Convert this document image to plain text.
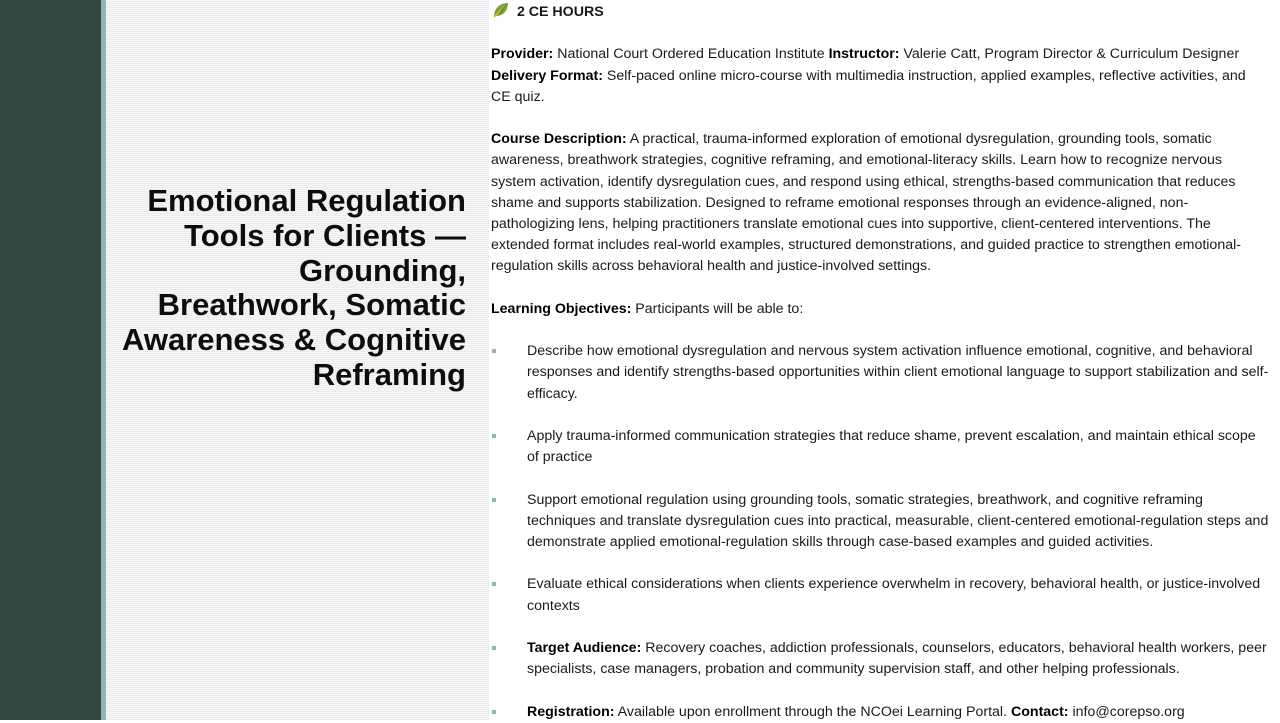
Emotional Regulation Tools for Clients — Grounding, Breathwork, Somatic Awareness & Cognitive Reframing

2 CE HOURS

Provider: National Court Ordered Education Institute Instructor: Valerie Catt, Program Director & Curriculum Designer

Delivery Format: Self-paced online micro-course with multimedia instruction, applied examples, reflective activities, and CE quiz.

Course Description: A practical, trauma-informed exploration of emotional dysregulation, grounding tools, somatic awareness, breathwork strategies, cognitive reframing, and emotional-literacy skills. Learn how to recognize nervous system activation, identify dysregulation cues, and respond using ethical, strengths-based communication that reduces shame and supports stabilization. Designed to reframe emotional responses through an evidence-aligned, non-pathologizing lens, helping practitioners translate emotional cues into supportive, client-centered interventions. The extended format includes real-world examples, structured demonstrations, and guided practice to strengthen emotional-regulation skills across behavioral health and justice-involved settings.

Learning Objectives: Participants will be able to:

Describe how emotional dysregulation and nervous system activation influence emotional, cognitive, and behavioral responses and identify strengths-based opportunities within client emotional language to support stabilization and self-efficacy.
Apply trauma-informed communication strategies that reduce shame, prevent escalation, and maintain ethical scope of practice
Support emotional regulation using grounding tools, somatic strategies, breathwork, and cognitive reframing techniques and translate dysregulation cues into practical, measurable, client-centered emotional-regulation steps and demonstrate applied emotional-regulation skills through case-based examples and guided activities.
Evaluate ethical considerations when clients experience overwhelm in recovery, behavioral health, or justice-involved contexts
Target Audience: Recovery coaches, addiction professionals, counselors, educators, behavioral health workers, peer specialists, case managers, probation and community supervision staff, and other helping professionals.
Registration: Available upon enrollment through the NCOei Learning Portal. Contact: info@corepso.org
